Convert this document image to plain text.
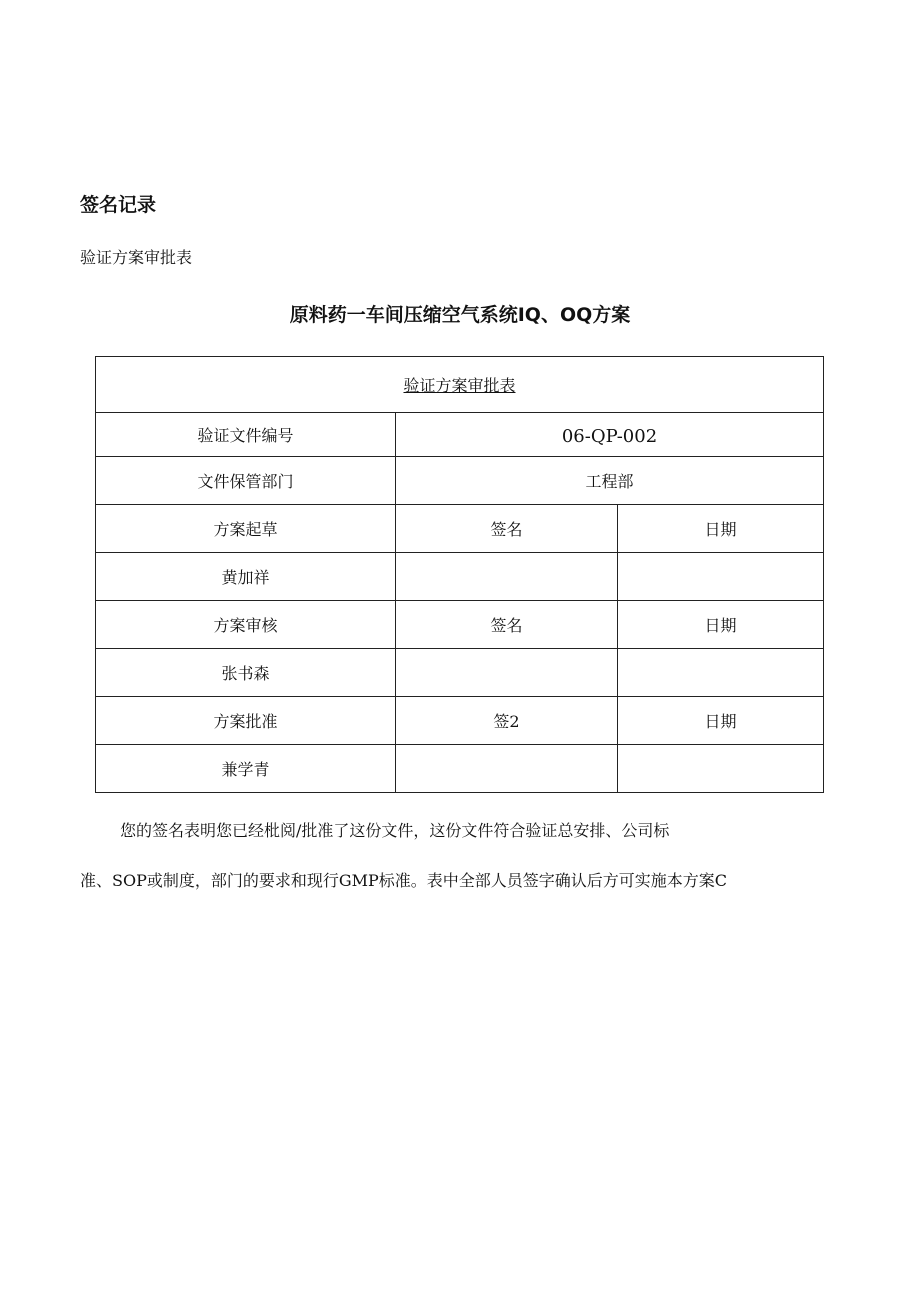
签名记录
验证方案审批表
原料药一车间压缩空气系统IQ、OQ方案
验证方案审批表		
验证文件编号	06-QP-002	
文件保管部门	工程部	
方案起草	签名	日期
黄加祥		
方案审核	签名	日期
张书森		
方案批准	签2	日期
兼学青		
您的签名表明您已经枇阅/批准了这份文件，这份文件符合验证总安排、公司标
准、SOP或制度，部门的要求和现行GMP标准。表中全部人员签字确认后方可实施本方案C
